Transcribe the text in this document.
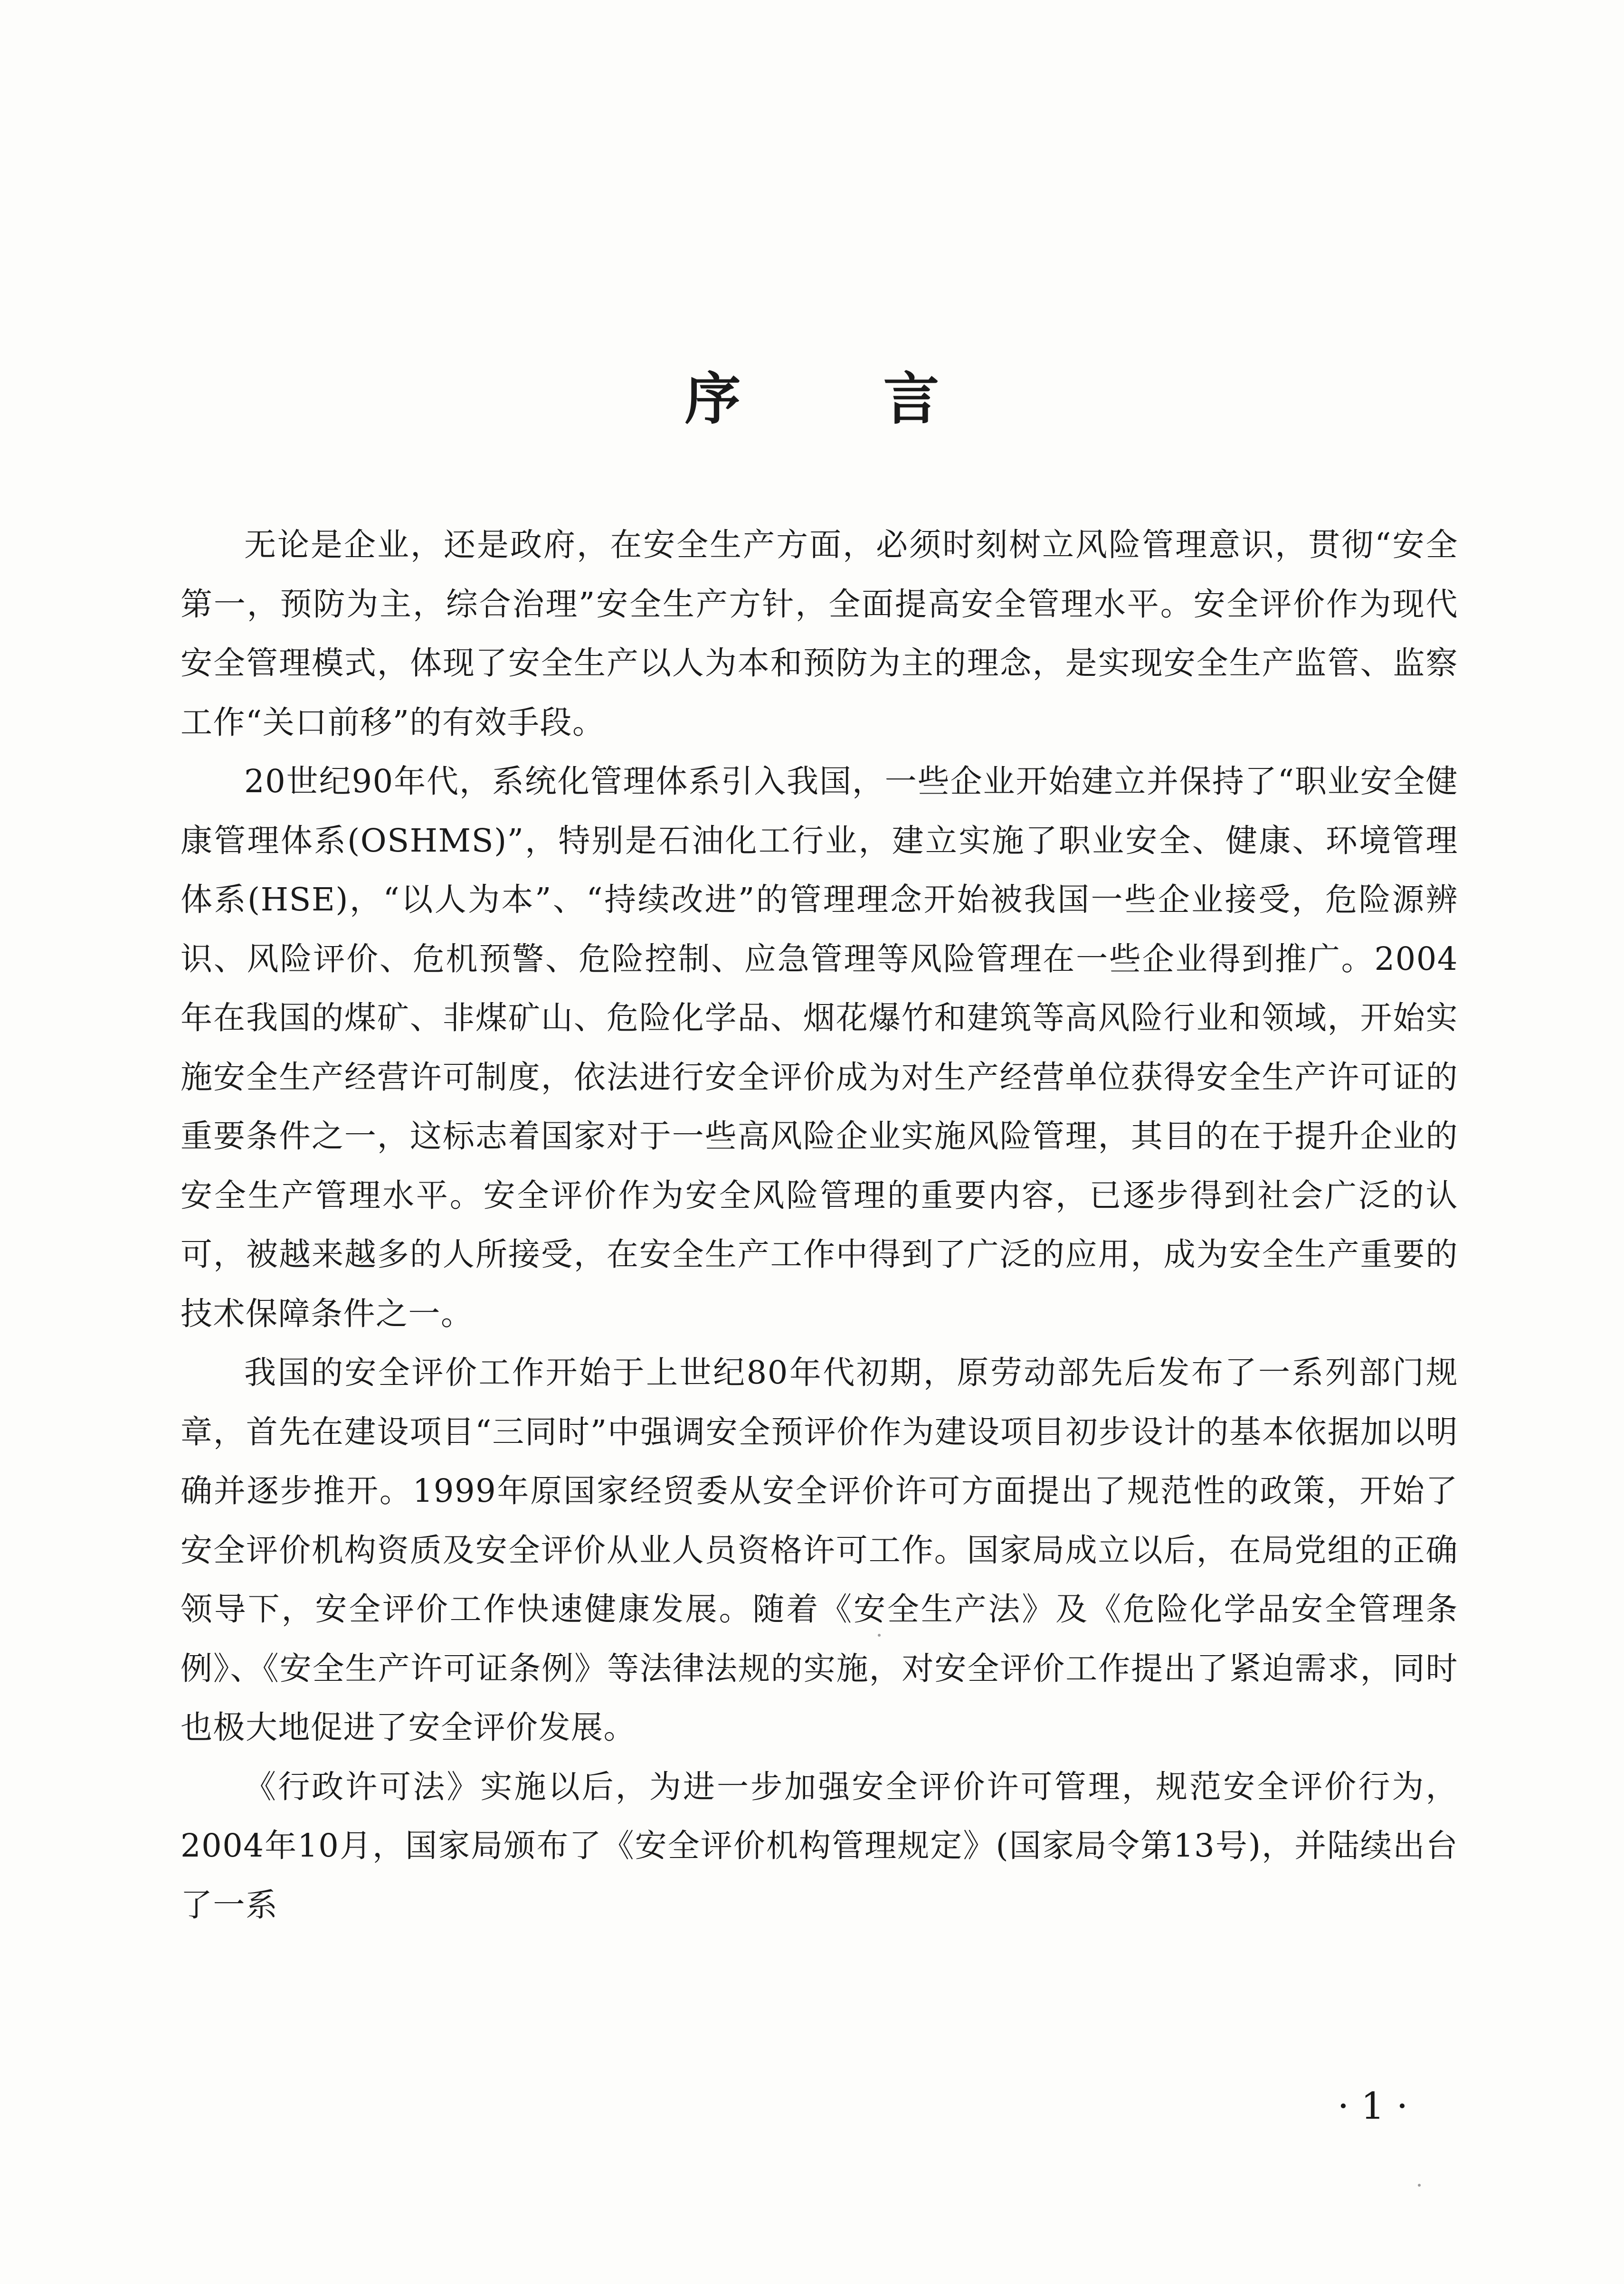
序	言

无论是企业，还是政府，在安全生产方面，必须时刻树立风险管理意识，贯彻“安全第一，预防为主，综合治理”安全生产方针，全面提高安全管理水平。安全评价作为现代安全管理模式，体现了安全生产以人为本和预防为主的理念，是实现安全生产监管、监察工作“关口前移”的有效手段。

20世纪90年代，系统化管理体系引入我国，一些企业开始建立并保持了“职业安全健康管理体系(OSHMS)”，特别是石油化工行业，建立实施了职业安全、健康、环境管理体系(HSE)，“以人为本”、“持续改进”的管理理念开始被我国一些企业接受，危险源辨识、风险评价、危机预警、危险控制、应急管理等风险管理在一些企业得到推广。2004年在我国的煤矿、非煤矿山、危险化学品、烟花爆竹和建筑等高风险行业和领域，开始实施安全生产经营许可制度，依法进行安全评价成为对生产经营单位获得安全生产许可证的重要条件之一，这标志着国家对于一些高风险企业实施风险管理，其目的在于提升企业的安全生产管理水平。安全评价作为安全风险管理的重要内容，已逐步得到社会广泛的认可，被越来越多的人所接受，在安全生产工作中得到了广泛的应用，成为安全生产重要的技术保障条件之一。

我国的安全评价工作开始于上世纪80年代初期，原劳动部先后发布了一系列部门规章，首先在建设项目“三同时”中强调安全预评价作为建设项目初步设计的基本依据加以明确并逐步推开。1999年原国家经贸委从安全评价许可方面提出了规范性的政策，开始了安全评价机构资质及安全评价从业人员资格许可工作。国家局成立以后，在局党组的正确领导下，安全评价工作快速健康发展。随着《安全生产法》及《危险化学品安全管理条例》、《安全生产许可证条例》等法律法规的实施，对安全评价工作提出了紧迫需求，同时也极大地促进了安全评价发展。

《行政许可法》实施以后，为进一步加强安全评价许可管理，规范安全评价行为，2004年10月，国家局颁布了《安全评价机构管理规定》(国家局令第13号)，并陆续出台了一系

· 1 ·
